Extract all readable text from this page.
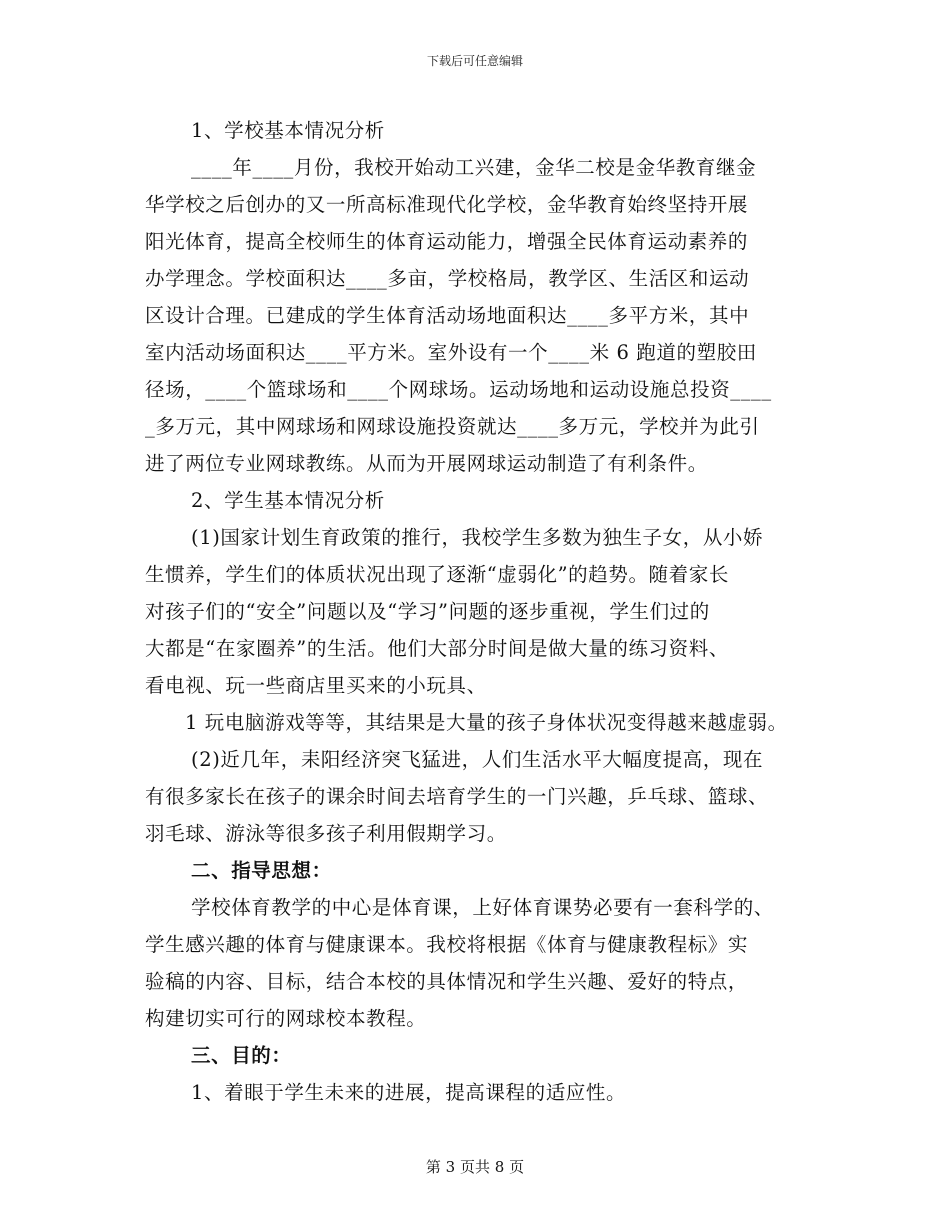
下载后可任意编辑
1、学校基本情况分析
____年____月份，我校开始动工兴建，金华二校是金华教育继金
华学校之后创办的又一所高标准现代化学校，金华教育始终坚持开展
阳光体育，提高全校师生的体育运动能力，增强全民体育运动素养的
办学理念。学校面积达____多亩，学校格局，教学区、生活区和运动
区设计合理。已建成的学生体育活动场地面积达____多平方米，其中
室内活动场面积达____平方米。室外设有一个____米 6 跑道的塑胶田
径场，____个篮球场和____个网球场。运动场地和运动设施总投资____
_多万元，其中网球场和网球设施投资就达____多万元，学校并为此引
进了两位专业网球教练。从而为开展网球运动制造了有利条件。
2、学生基本情况分析
(1)国家计划生育政策的推行，我校学生多数为独生子女，从小娇
生惯养，学生们的体质状况出现了逐渐“虚弱化”的趋势。随着家长
对孩子们的“安全”问题以及“学习”问题的逐步重视，学生们过的
大都是“在家圈养”的生活。他们大部分时间是做大量的练习资料、
看电视、玩一些商店里买来的小玩具、
1 玩电脑游戏等等，其结果是大量的孩子身体状况变得越来越虚弱。
(2)近几年，耒阳经济突飞猛进，人们生活水平大幅度提高，现在
有很多家长在孩子的课余时间去培育学生的一门兴趣，乒乓球、篮球、
羽毛球、游泳等很多孩子利用假期学习。
二、指导思想：
学校体育教学的中心是体育课，上好体育课势必要有一套科学的、
学生感兴趣的体育与健康课本。我校将根据《体育与健康教程标》实
验稿的内容、目标，结合本校的具体情况和学生兴趣、爱好的特点，
构建切实可行的网球校本教程。
三、目的：
1、着眼于学生未来的进展，提高课程的适应性。
第 3 页共 8 页
